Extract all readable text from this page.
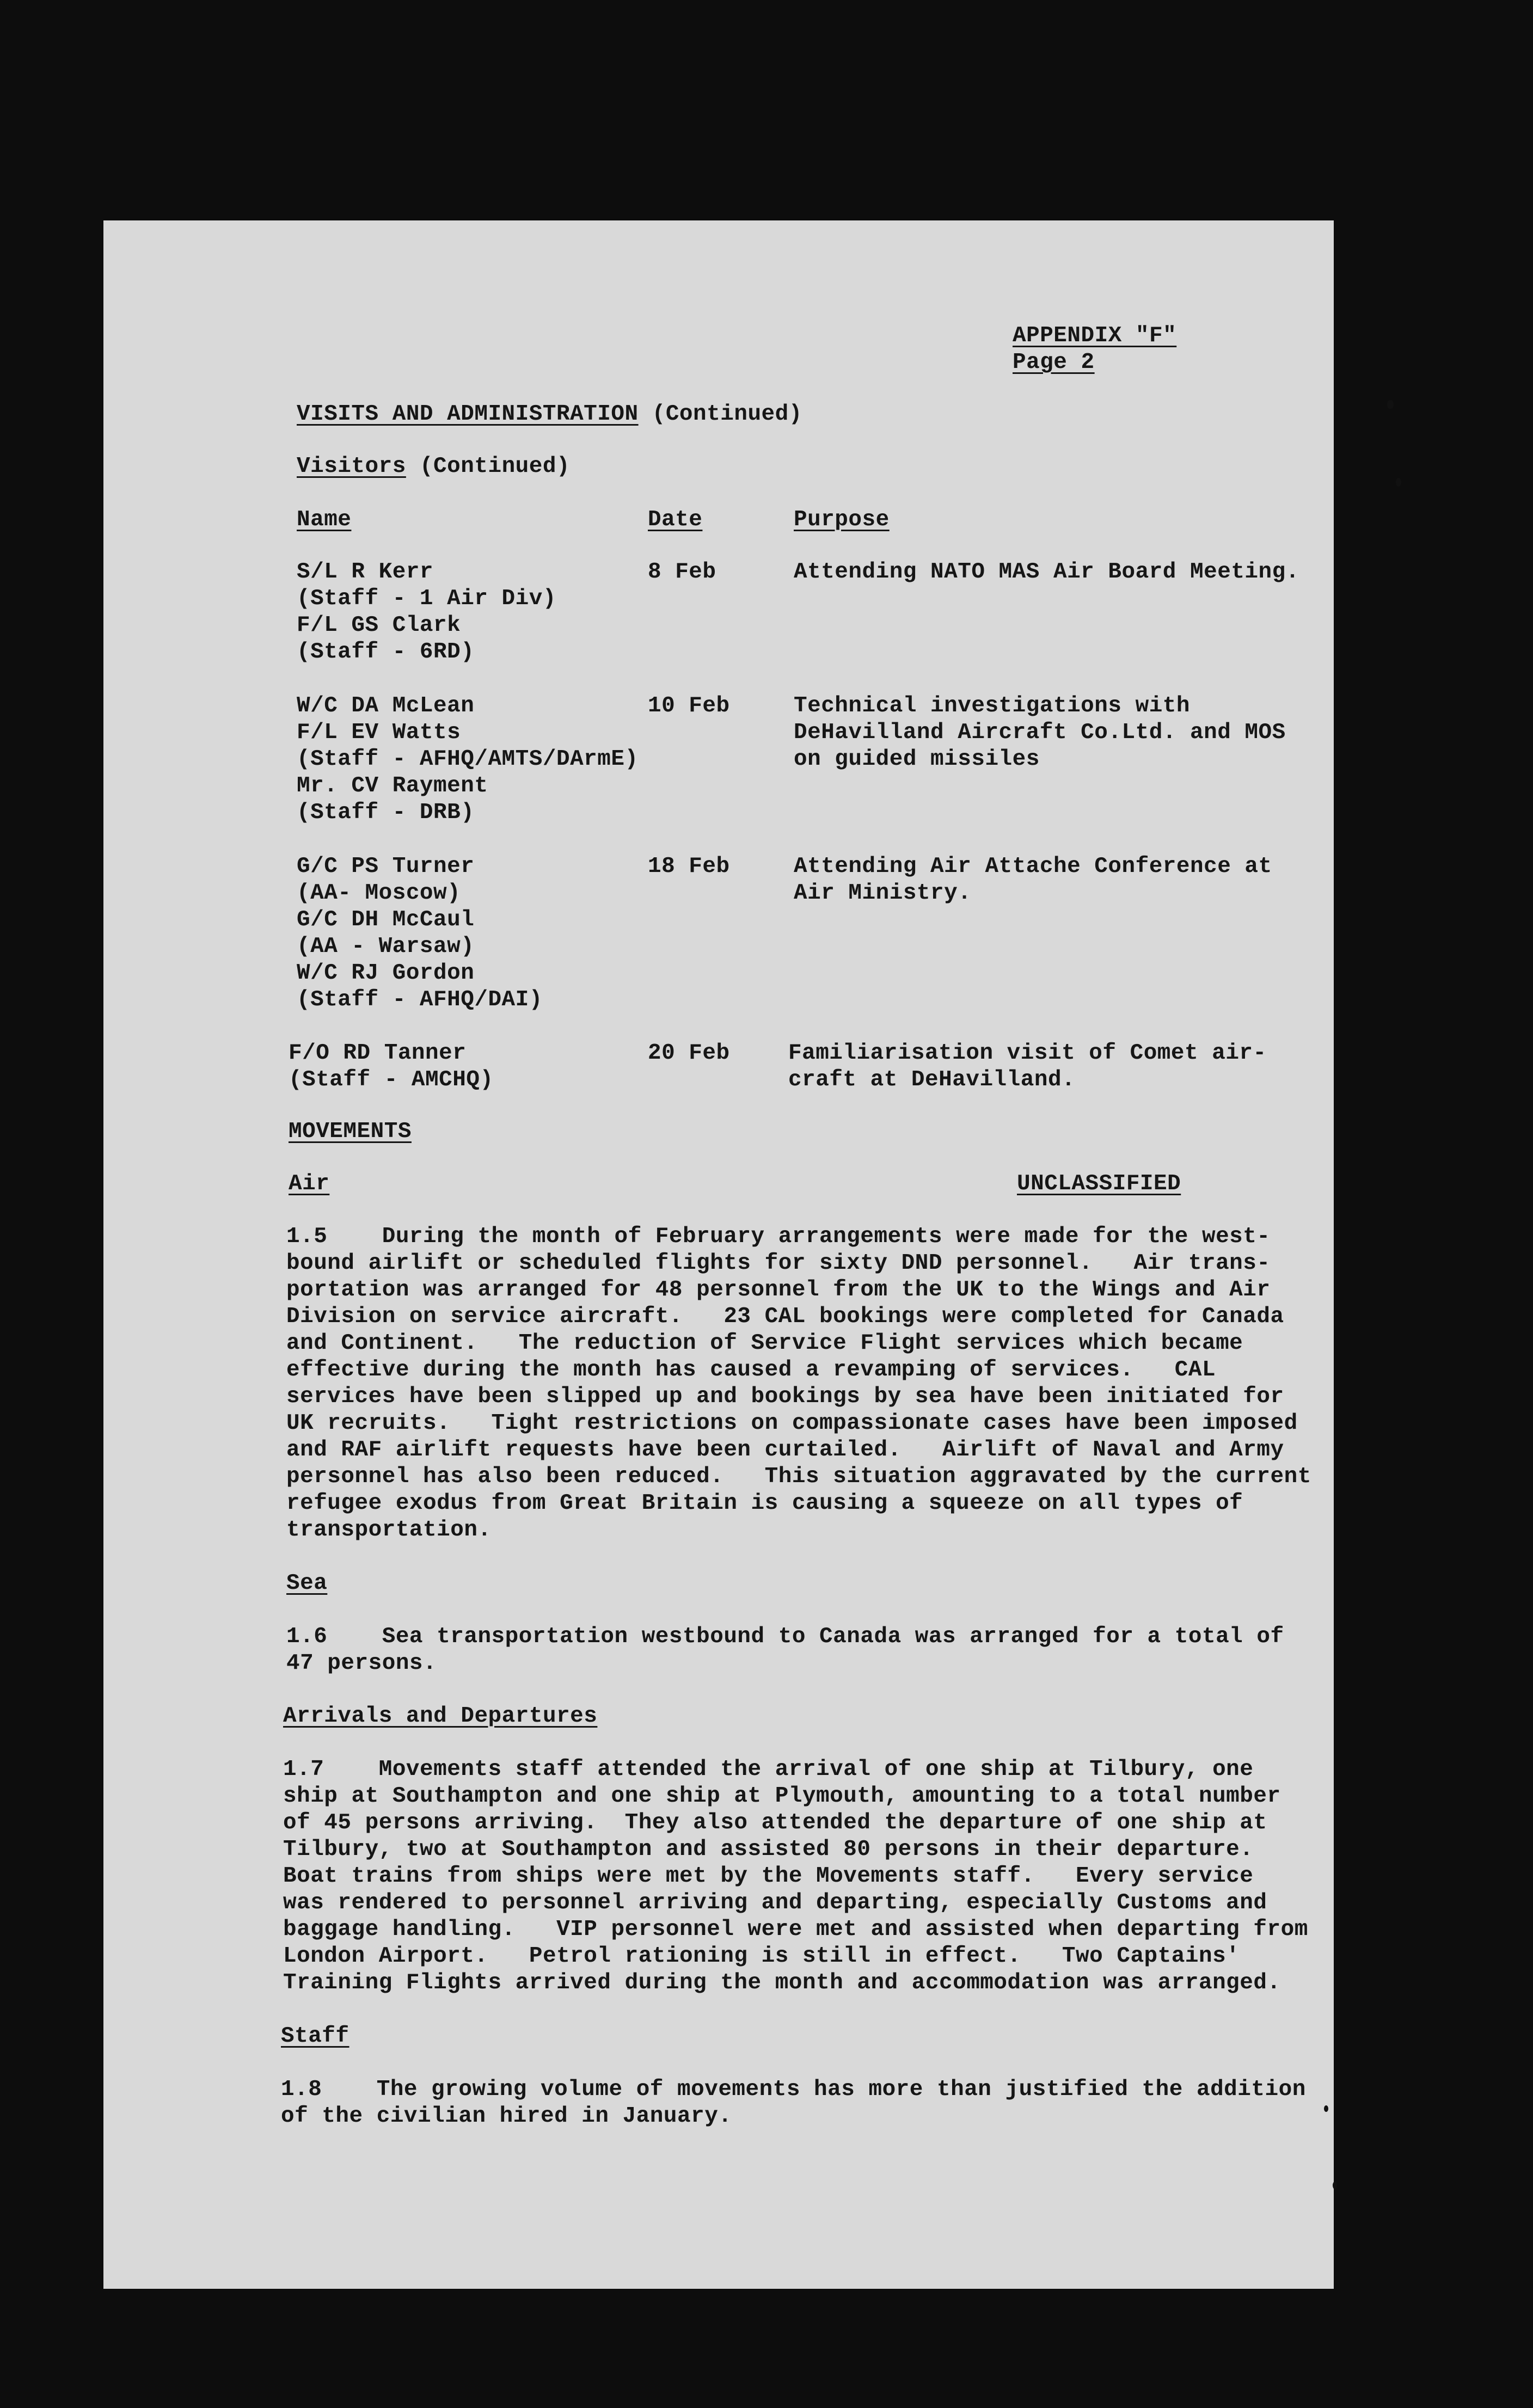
APPENDIX "F"
Page 2
VISITS AND ADMINISTRATION (Continued)
Visitors (Continued)
Name	Date	Purpose
S/L R Kerr
(Staff - 1 Air Div)
F/L GS Clark
(Staff - 6RD)
8 Feb	Attending NATO MAS Air Board Meeting.
W/C DA McLean
F/L EV Watts
(Staff - AFHQ/AMTS/DArmE)
Mr. CV Rayment
(Staff - DRB)
10 Feb	Technical investigations with
DeHavilland Aircraft Co.Ltd. and MOS
on guided missiles
G/C PS Turner
(AA- Moscow)
G/C DH McCaul
(AA - Warsaw)
W/C RJ Gordon
(Staff - AFHQ/DAI)
18 Feb	Attending Air Attache Conference at
Air Ministry.
F/O RD Tanner
(Staff - AMCHQ)
20 Feb	Familiarisation visit of Comet air-
craft at DeHavilland.
MOVEMENTS
Air	UNCLASSIFIED
1.5    During the month of February arrangements were made for the west-
bound airlift or scheduled flights for sixty DND personnel.   Air trans-
portation was arranged for 48 personnel from the UK to the Wings and Air
Division on service aircraft.   23 CAL bookings were completed for Canada
and Continent.   The reduction of Service Flight services which became
effective during the month has caused a revamping of services.   CAL
services have been slipped up and bookings by sea have been initiated for
UK recruits.   Tight restrictions on compassionate cases have been imposed
and RAF airlift requests have been curtailed.   Airlift of Naval and Army
personnel has also been reduced.   This situation aggravated by the current
refugee exodus from Great Britain is causing a squeeze on all types of
transportation.
Sea
1.6    Sea transportation westbound to Canada was arranged for a total of
47 persons.
Arrivals and Departures
1.7    Movements staff attended the arrival of one ship at Tilbury, one
ship at Southampton and one ship at Plymouth, amounting to a total number
of 45 persons arriving.  They also attended the departure of one ship at
Tilbury, two at Southampton and assisted 80 persons in their departure.
Boat trains from ships were met by the Movements staff.   Every service
was rendered to personnel arriving and departing, especially Customs and
baggage handling.   VIP personnel were met and assisted when departing from
London Airport.   Petrol rationing is still in effect.   Two Captains'
Training Flights arrived during the month and accommodation was arranged.
Staff
1.8    The growing volume of movements has more than justified the addition
of the civilian hired in January.
